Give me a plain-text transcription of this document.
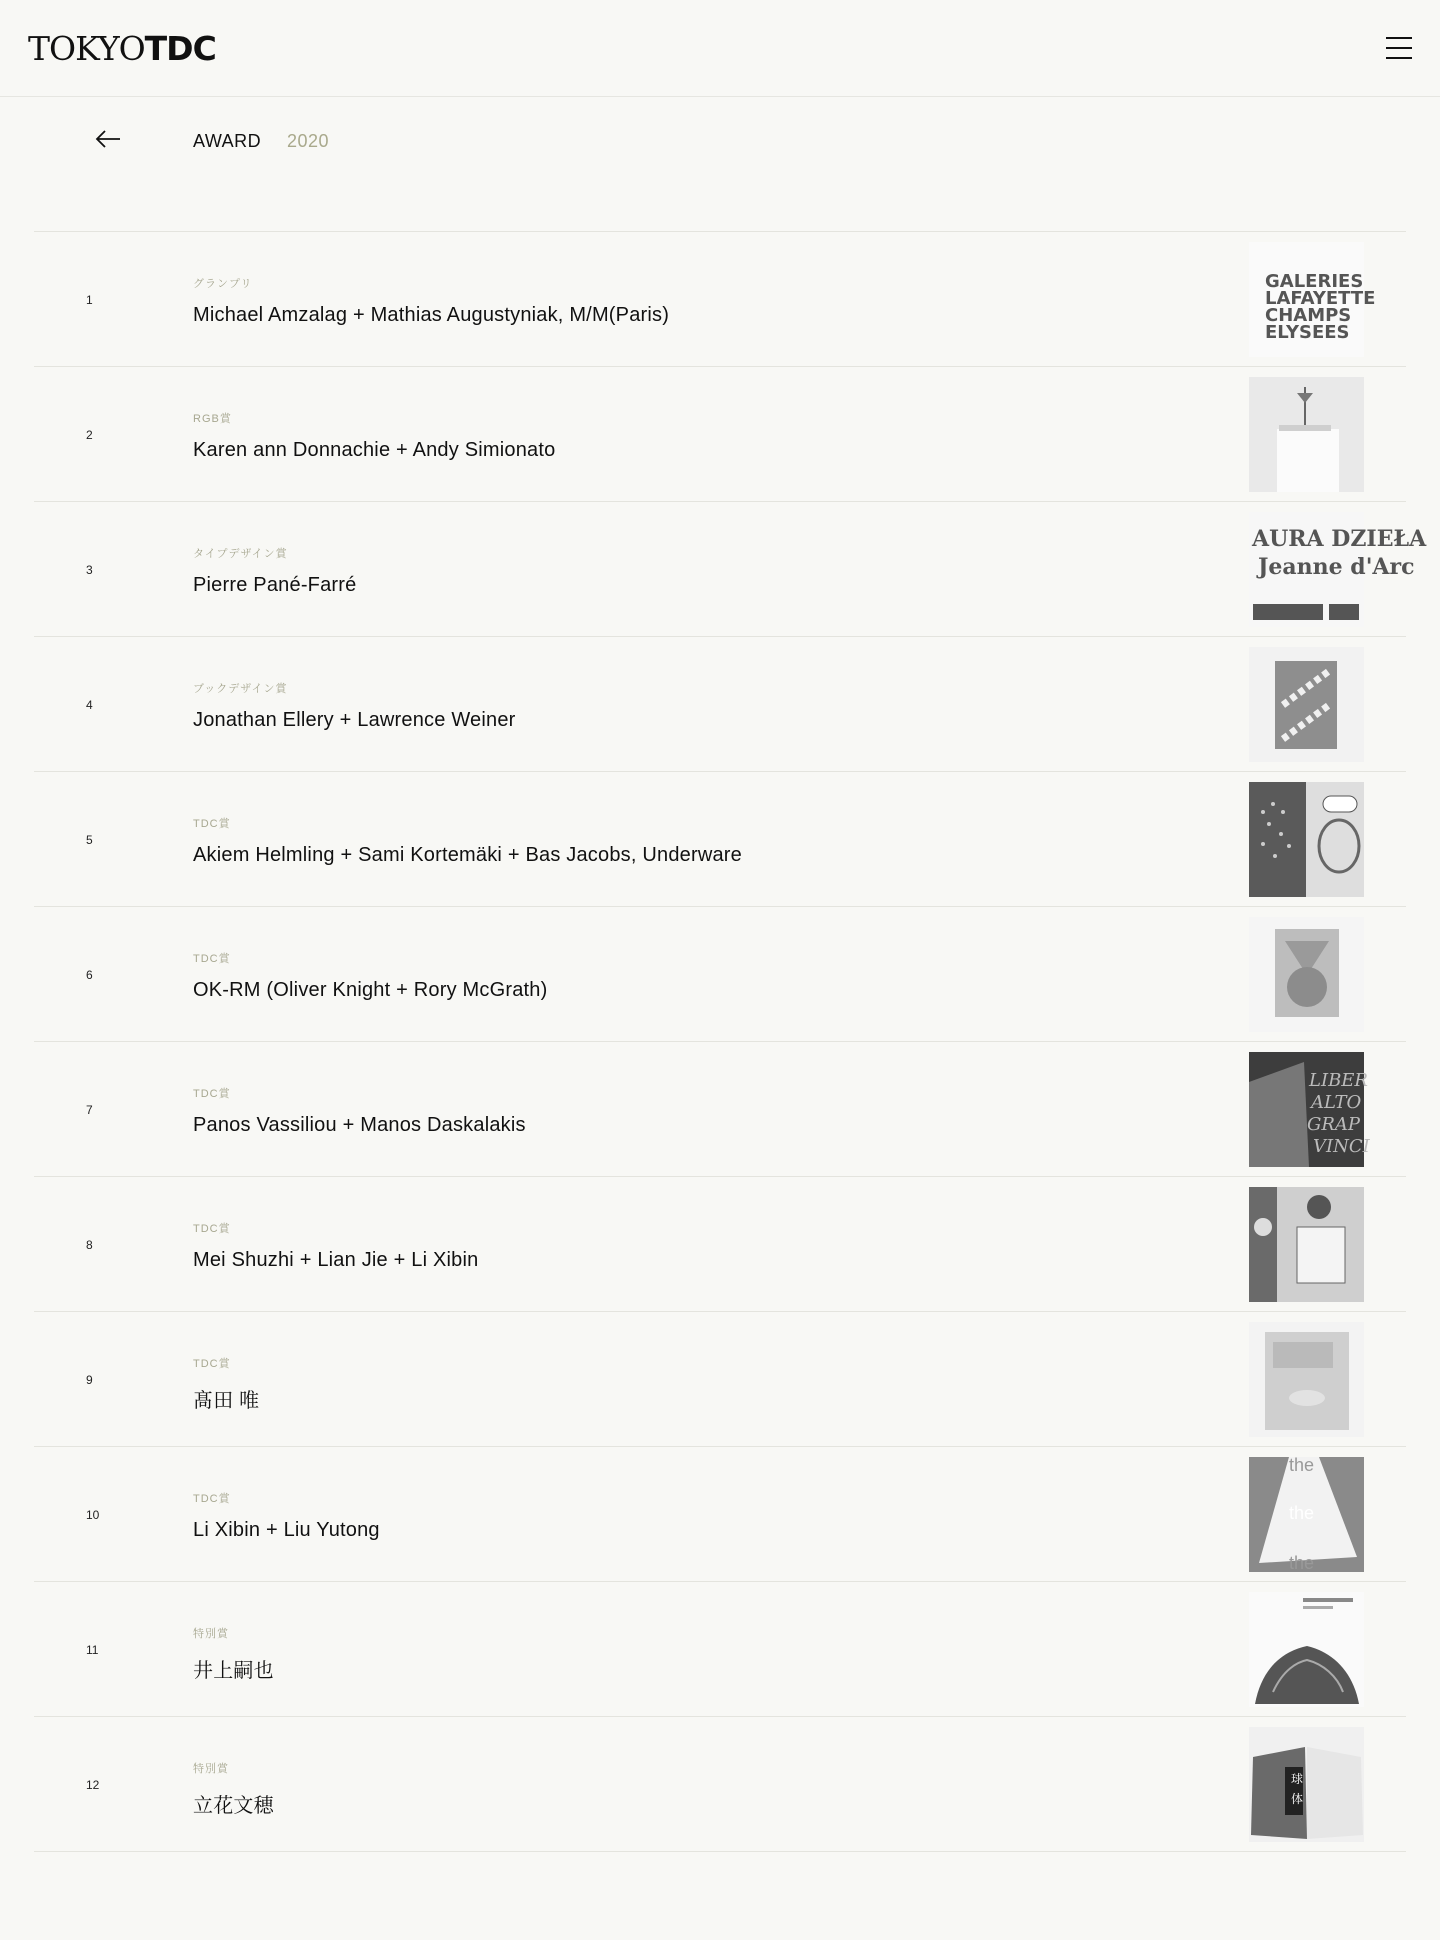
TOKYOTDC
AWARD 2020
1
グランプリ
Michael Amzalag + Mathias Augustyniak, M/M(Paris)
GALERIES
LAFAYETTE
CHAMPS
ELYSEES
2
RGB賞
Karen ann Donnachie + Andy Simionato
3
タイプデザイン賞
Pierre Pané-Farré
AURA DZIEŁA
Jeanne d'Arc
4
ブックデザイン賞
Jonathan Ellery + Lawrence Weiner
5
TDC賞
Akiem Helmling + Sami Kortemäki + Bas Jacobs, Underware
6
TDC賞
OK-RM (Oliver Knight + Rory McGrath)
7
TDC賞
Panos Vassiliou + Manos Daskalakis
LIBER
ALTO
GRAP
VINCI
8
TDC賞
Mei Shuzhi + Lian Jie + Li Xibin
9
TDC賞
髙田 唯
10
TDC賞
Li Xibin + Liu Yutong
the
the
the
11
特別賞
井上嗣也
12
特別賞
立花文穂
球
体
